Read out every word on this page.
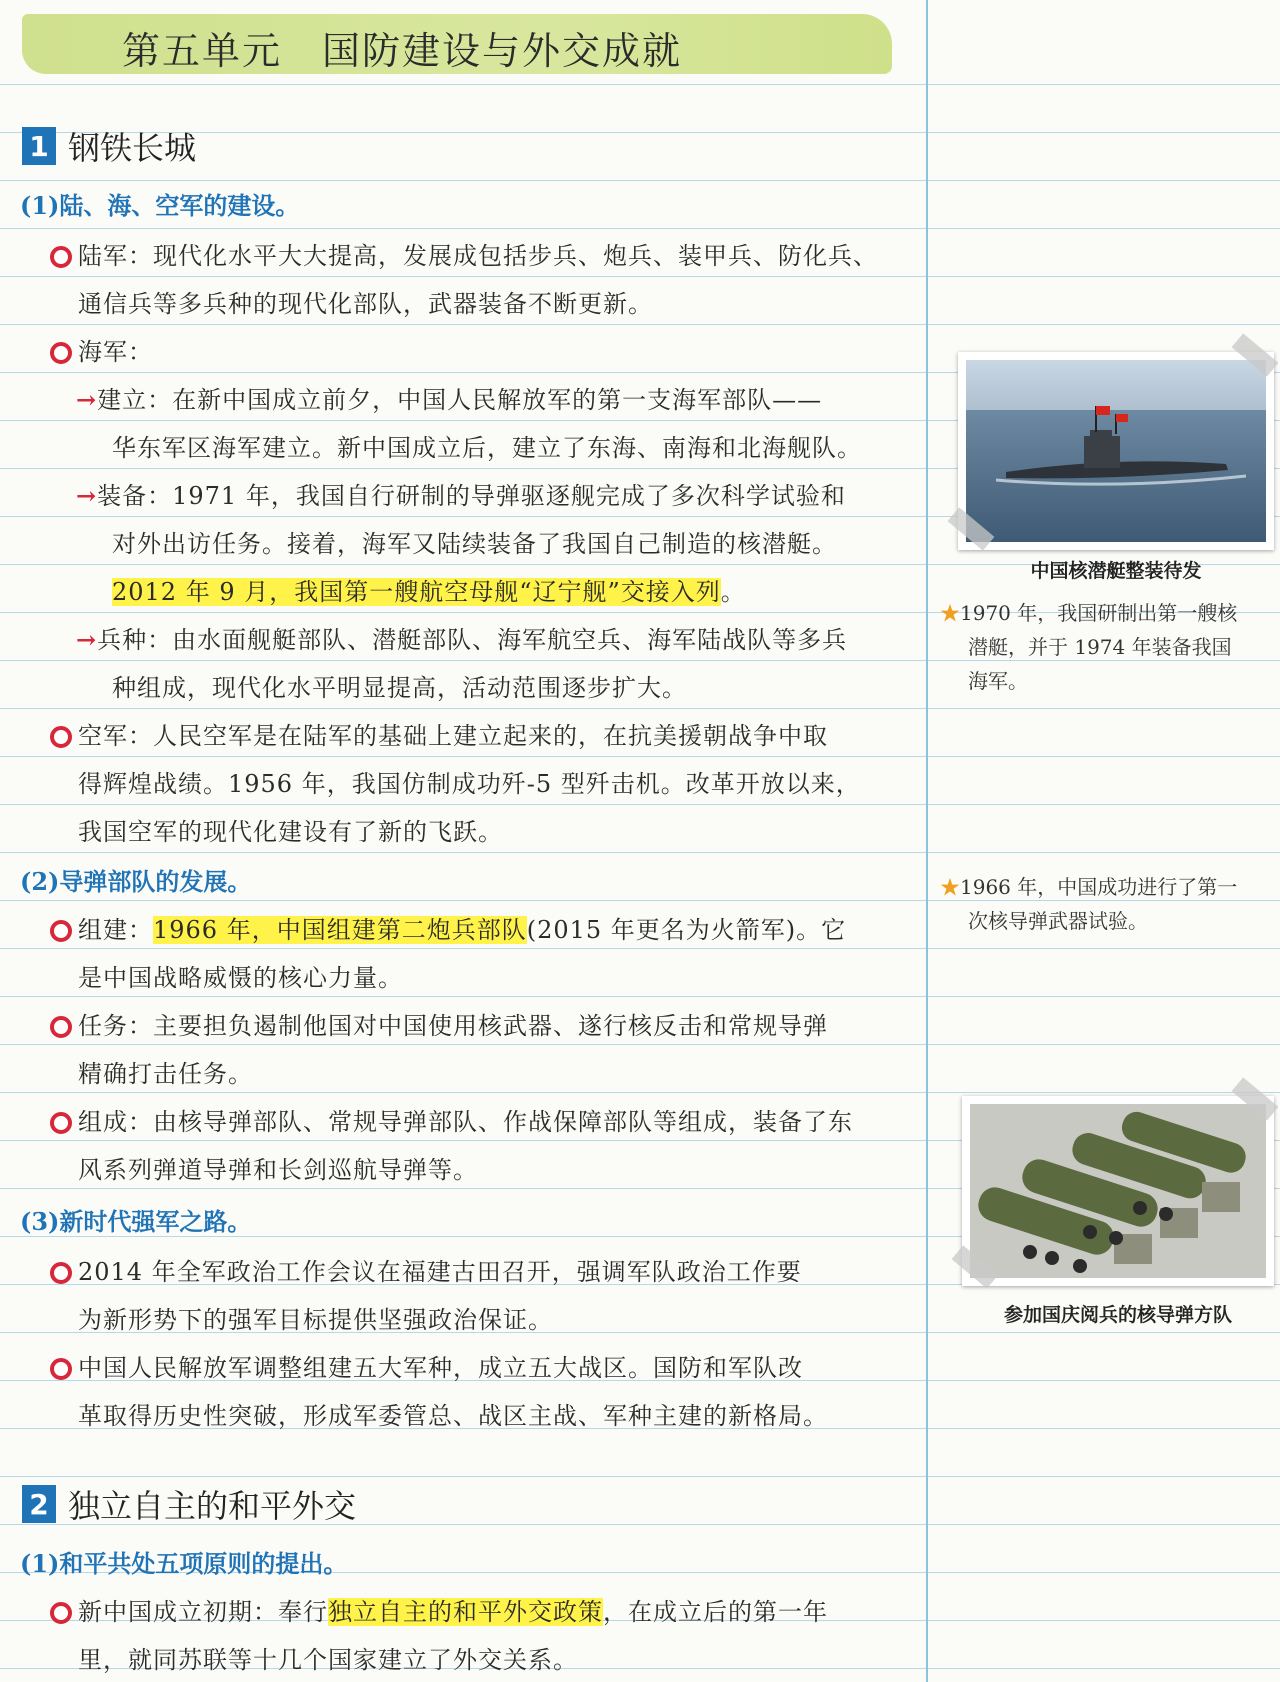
第五单元　国防建设与外交成就
1 钢铁长城
(1)陆、海、空军的建设。
陆军：现代化水平大大提高，发展成包括步兵、炮兵、装甲兵、防化兵、
通信兵等多兵种的现代化部队，武器装备不断更新。
海军：
→建立：在新中国成立前夕，中国人民解放军的第一支海军部队——
华东军区海军建立。新中国成立后，建立了东海、南海和北海舰队。
→装备：1971 年，我国自行研制的导弹驱逐舰完成了多次科学试验和
对外出访任务。接着，海军又陆续装备了我国自己制造的核潜艇。
2012 年 9 月，我国第一艘航空母舰“辽宁舰”交接入列。
→兵种：由水面舰艇部队、潜艇部队、海军航空兵、海军陆战队等多兵
种组成，现代化水平明显提高，活动范围逐步扩大。
空军：人民空军是在陆军的基础上建立起来的，在抗美援朝战争中取
得辉煌战绩。1956 年，我国仿制成功歼-5 型歼击机。改革开放以来，
我国空军的现代化建设有了新的飞跃。
(2)导弹部队的发展。
组建：1966 年，中国组建第二炮兵部队(2015 年更名为火箭军)。它
是中国战略威慑的核心力量。
任务：主要担负遏制他国对中国使用核武器、遂行核反击和常规导弹
精确打击任务。
组成：由核导弹部队、常规导弹部队、作战保障部队等组成，装备了东
风系列弹道导弹和长剑巡航导弹等。
(3)新时代强军之路。
2014 年全军政治工作会议在福建古田召开，强调军队政治工作要
为新形势下的强军目标提供坚强政治保证。
中国人民解放军调整组建五大军种，成立五大战区。国防和军队改
革取得历史性突破，形成军委管总、战区主战、军种主建的新格局。
2 独立自主的和平外交
(1)和平共处五项原则的提出。
新中国成立初期：奉行独立自主的和平外交政策，在成立后的第一年
里，就同苏联等十几个国家建立了外交关系。
中国核潜艇整装待发
★1970 年，我国研制出第一艘核
潜艇，并于 1974 年装备我国
海军。
★1966 年，中国成功进行了第一
次核导弹武器试验。
参加国庆阅兵的核导弹方队
